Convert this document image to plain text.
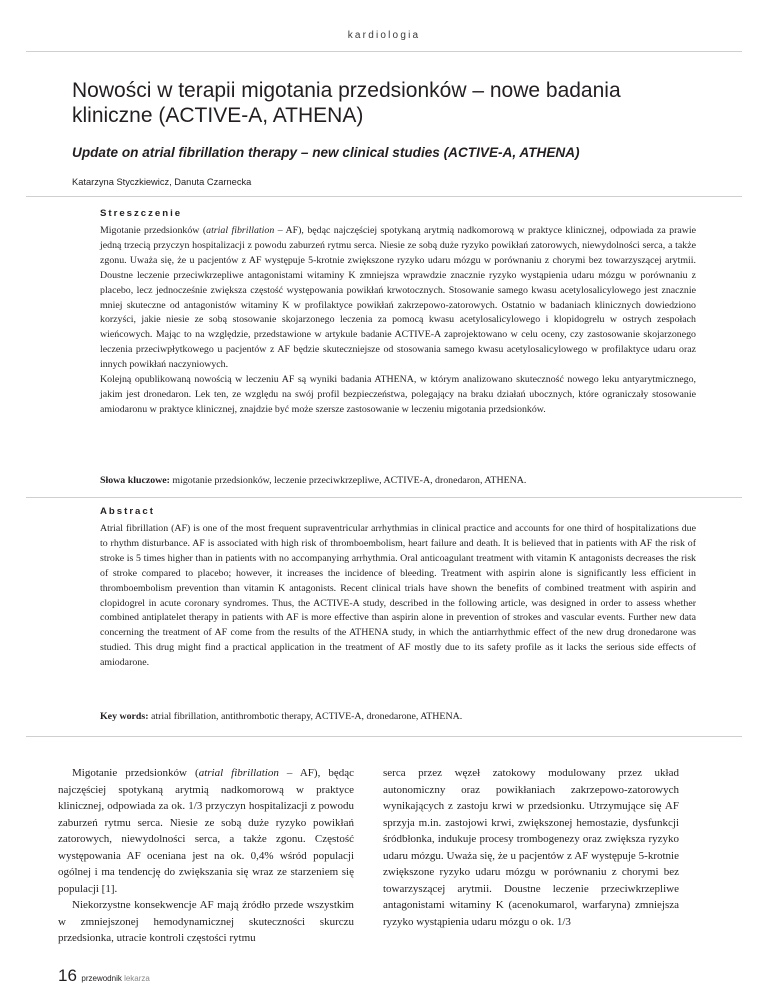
kardiologia
Nowości w terapii migotania przedsionków – nowe badania kliniczne (ACTIVE-A, ATHENA)
Update on atrial fibrillation therapy – new clinical studies (ACTIVE-A, ATHENA)
Katarzyna Styczkiewicz, Danuta Czarnecka
Streszczenie

Migotanie przedsionków (atrial fibrillation – AF), będąc najczęściej spotykaną arytmią nadkomorową w praktyce klinicznej, odpowiada za prawie jedną trzecią przyczyn hospitalizacji z powodu zaburzeń rytmu serca. Niesie ze sobą duże ryzyko powikłań zatorowych, niewydolności serca, a także zgonu. Uważa się, że u pacjentów z AF występuje 5-krotnie zwiększone ryzyko udaru mózgu w porównaniu z chorymi bez towarzyszącej arytmii. Doustne leczenie przeciwkrzepliwe antagonistami witaminy K zmniejsza wprawdzie znacznie ryzyko wystąpienia udaru mózgu w porównaniu z placebo, lecz jednocześnie zwiększa częstość występowania powikłań krwotocznych. Stosowanie samego kwasu acetylosalicylowego jest znacznie mniej skuteczne od antagonistów witaminy K w profilaktyce powikłań zakrzepowo-zatorowych. Ostatnio w badaniach klinicznych dowiedziono korzyści, jakie niesie ze sobą stosowanie skojarzonego leczenia za pomocą kwasu acetylosalicylowego i klopidogrelu w ostrych zespołach wieńcowych. Mając to na względzie, przedstawione w artykule badanie ACTIVE-A zaprojektowano w celu oceny, czy zastosowanie skojarzonego leczenia przeciwpłytkowego u pacjentów z AF będzie skuteczniejsze od stosowania samego kwasu acetylosalicylowego w profilaktyce udaru oraz innych powikłań naczyniowych.

Kolejną opublikowaną nowością w leczeniu AF są wyniki badania ATHENA, w którym analizowano skuteczność nowego leku antyarytmicznego, jakim jest dronedaron. Lek ten, ze względu na swój profil bezpieczeństwa, polegający na braku działań ubocznych, które ograniczały stosowanie amiodaronu w praktyce klinicznej, znajdzie być może szersze zastosowanie w leczeniu migotania przedsionków.

Słowa kluczowe: migotanie przedsionków, leczenie przeciwkrzepliwe, ACTIVE-A, dronedaron, ATHENA.
Abstract

Atrial fibrillation (AF) is one of the most frequent supraventricular arrhythmias in clinical practice and accounts for one third of hospitalizations due to rhythm disturbance. AF is associated with high risk of thromboembolism, heart failure and death. It is believed that in patients with AF the risk of stroke is 5 times higher than in patients with no accompanying arrhythmia. Oral anticoagulant treatment with vitamin K antagonists decreases the risk of stroke compared to placebo; however, it increases the incidence of bleeding. Treatment with aspirin alone is significantly less efficient in thromboembolism prevention than vitamin K antagonists. Recent clinical trials have shown the benefits of combined treatment with aspirin and clopidogrel in acute coronary syndromes. Thus, the ACTIVE-A study, described in the following article, was designed in order to assess whether combined antiplatelet therapy in patients with AF is more effective than aspirin alone in prevention of strokes and vascular events. Further new data concerning the treatment of AF come from the results of the ATHENA study, in which the antiarrhythmic effect of the new drug dronedarone was studied. This drug might find a practical application in the treatment of AF mostly due to its safety profile as it lacks the serious side effects of amiodarone.

Key words: atrial fibrillation, antithrombotic therapy, ACTIVE-A, dronedarone, ATHENA.

Migotanie przedsionków (atrial fibrillation – AF), będąc najczęściej spotykaną arytmią nadkomorową w praktyce klinicznej, odpowiada za ok. 1/3 przyczyn hospitalizacji z powodu zaburzeń rytmu serca. Niesie ze sobą duże ryzyko powikłań zatorowych, niewydolności serca, a także zgonu. Częstość występowania AF oceniana jest na ok. 0,4% wśród populacji ogólnej i ma tendencję do zwiększania się wraz ze starzeniem się populacji [1].

Niekorzystne konsekwencje AF mają źródło przede wszystkim w zmniejszonej hemodynamicznej skuteczności skurczu przedsionka, utracie kontroli częstości rytmu

serca przez węzeł zatokowy modulowany przez układ autonomiczny oraz powikłaniach zakrzepowo-zatorowych wynikających z zastoju krwi w przedsionku. Utrzymujące się AF sprzyja m.in. zastojowi krwi, zwiększonej hemostazie, dysfunkcji śródbłonka, indukuje procesy trombogenezy oraz zwiększa ryzyko udaru mózgu. Uważa się, że u pacjentów z AF występuje 5-krotnie zwiększone ryzyko udaru mózgu w porównaniu z chorymi bez towarzyszącej arytmii. Doustne leczenie przeciwkrzepliwe antagonistami witaminy K (acenokumarol, warfaryna) zmniejsza ryzyko wystąpienia udaru mózgu o ok. 1/3

16 przewodnik lekarza
